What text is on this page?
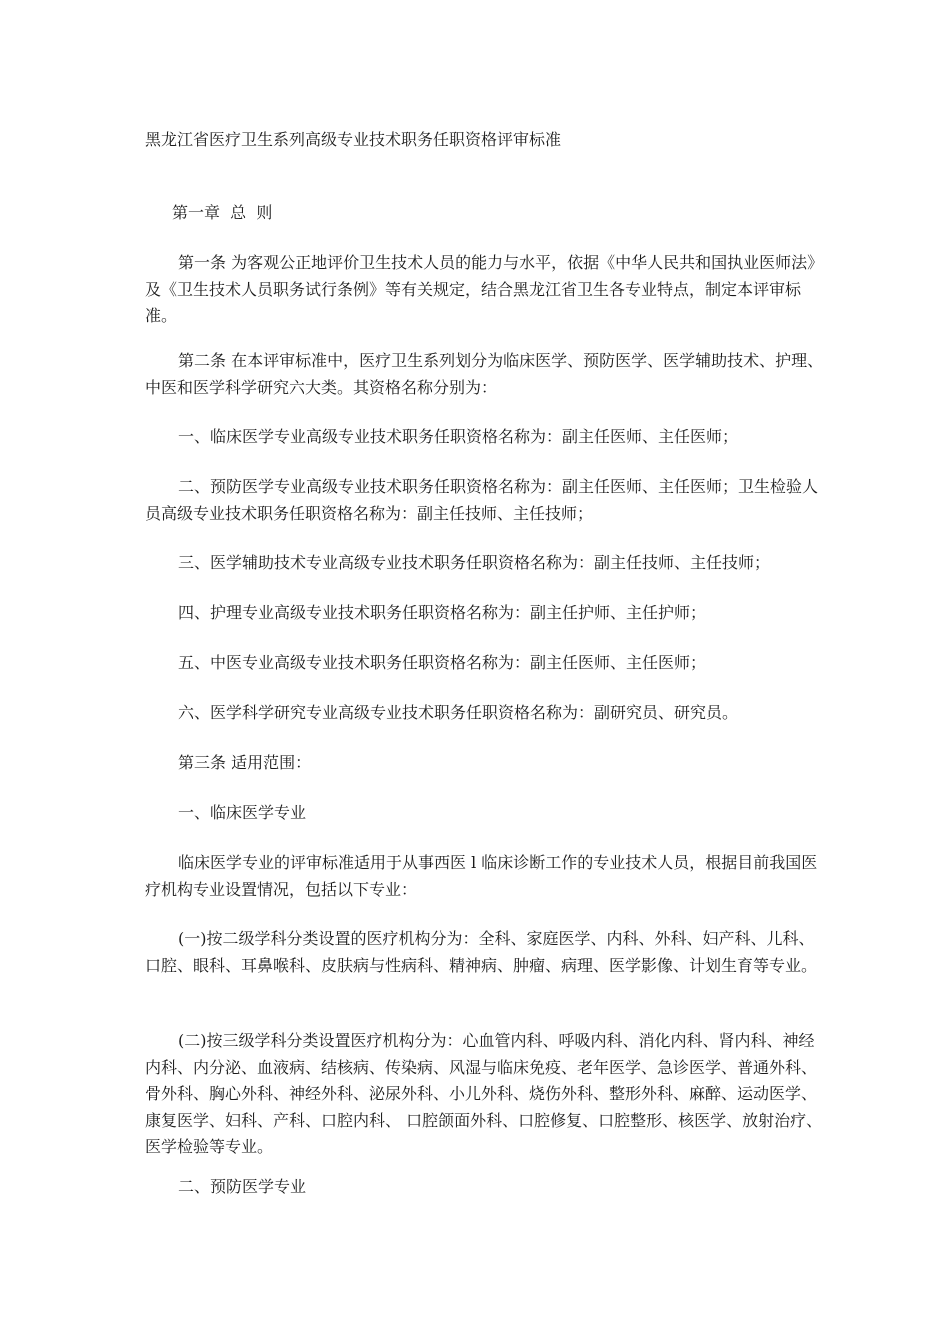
黑龙江省医疗卫生系列高级专业技术职务任职资格评审标准
第一章  总  则

第一条 为客观公正地评价卫生技术人员的能力与水平，依据《中华人民共和国执业医师法》及《卫生技术人员职务试行条例》等有关规定，结合黑龙江省卫生各专业特点，制定本评审标准。

第二条 在本评审标准中，医疗卫生系列划分为临床医学、预防医学、医学辅助技术、护理、中医和医学科学研究六大类。其资格名称分别为：

一、临床医学专业高级专业技术职务任职资格名称为：副主任医师、主任医师；

二、预防医学专业高级专业技术职务任职资格名称为：副主任医师、主任医师；卫生检验人员高级专业技术职务任职资格名称为：副主任技师、主任技师；

三、医学辅助技术专业高级专业技术职务任职资格名称为：副主任技师、主任技师；

四、护理专业高级专业技术职务任职资格名称为：副主任护师、主任护师；

五、中医专业高级专业技术职务任职资格名称为：副主任医师、主任医师；

六、医学科学研究专业高级专业技术职务任职资格名称为：副研究员、研究员。

第三条 适用范围：

一、临床医学专业

临床医学专业的评审标准适用于从事西医 l 临床诊断工作的专业技术人员，根据目前我国医疗机构专业设置情况，包括以下专业：

(一)按二级学科分类设置的医疗机构分为：全科、家庭医学、内科、外科、妇产科、儿科、口腔、眼科、耳鼻喉科、皮肤病与性病科、精神病、肿瘤、病理、医学影像、计划生育等专业。

(二)按三级学科分类设置医疗机构分为：心血管内科、呼吸内科、消化内科、肾内科、神经内科、内分泌、血液病、结核病、传染病、风湿与临床免疫、老年医学、急诊医学、普通外科、骨外科、胸心外科、神经外科、泌尿外科、小儿外科、烧伤外科、整形外科、麻醉、运动医学、康复医学、妇科、产科、口腔内科、 口腔颌面外科、口腔修复、口腔整形、核医学、放射治疗、医学检验等专业。

二、预防医学专业
